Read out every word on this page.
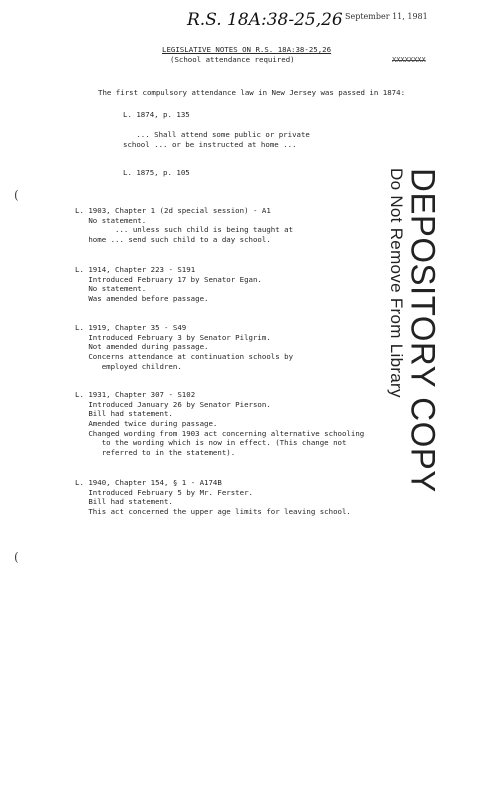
R.S. 18A:38-25,26 September 11, 1981
XXXXXXXX
LEGISLATIVE NOTES ON R.S. 18A:38-25,26
(School attendance required)
The first compulsory attendance law in New Jersey was passed in 1874:
L. 1874, p. 135
... Shall attend some public or private
school ... or be instructed at home ...
L. 1875, p. 105
L. 1903, Chapter 1 (2d special session) - A1
No statement.
... unless such child is being taught at
home ... send such child to a day school.
L. 1914, Chapter 223 - S191
Introduced February 17 by Senator Egan.
No statement.
Was amended before passage.
L. 1919, Chapter 35 - S49
Introduced February 3 by Senator Pilgrim.
Not amended during passage.
Concerns attendance at continuation schools by
employed children.
L. 1931, Chapter 307 - S102
Introduced January 26 by Senator Pierson.
Bill had statement.
Amended twice during passage.
Changed wording from 1903 act concerning alternative schooling
to the wording which is now in effect. (This change not
referred to in the statement).
L. 1940, Chapter 154, § 1 - A174B
Introduced February 5 by Mr. Ferster.
Bill had statement.
This act concerned the upper age limits for leaving school.
DEPOSITORY COPY
Do Not Remove From Library
(
(
